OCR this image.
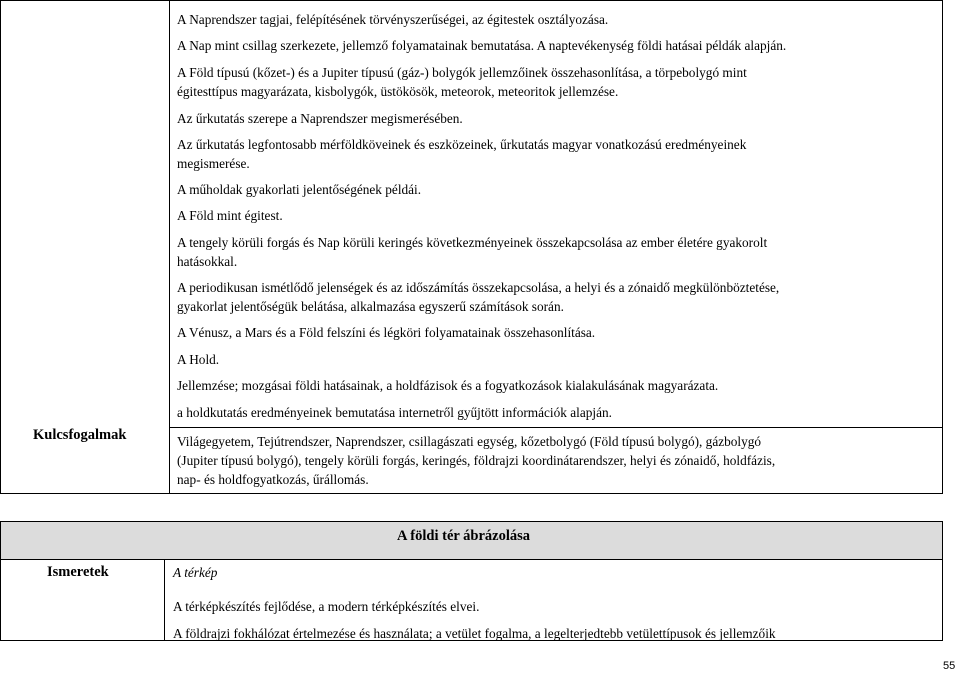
Kulcsfogalmak
A Naprendszer tagjai, felépítésének törvényszerűségei, az égitestek osztályozása.
A Nap mint csillag szerkezete, jellemző folyamatainak bemutatása. A naptevékenység földi hatásai példák alapján.
A Föld típusú (kőzet-) és a Jupiter típusú (gáz-) bolygók jellemzőinek összehasonlítása, a törpebolygó mint
égitesttípus magyarázata, kisbolygók, üstökösök, meteorok, meteoritok jellemzése.
Az űrkutatás szerepe a Naprendszer megismerésében.
Az űrkutatás legfontosabb mérföldköveinek és eszközeinek, űrkutatás magyar vonatkozású eredményeinek
megismerése.
A műholdak gyakorlati jelentőségének példái.
A Föld mint égitest.
A tengely körüli forgás és Nap körüli keringés következményeinek összekapcsolása az ember életére gyakorolt
hatásokkal.
A periodikusan ismétlődő jelenségek és az időszámítás összekapcsolása, a helyi és a zónaidő megkülönböztetése,
gyakorlat jelentőségük belátása, alkalmazása egyszerű számítások során.
A Vénusz, a Mars és a Föld felszíni és légköri folyamatainak összehasonlítása.
A Hold.
Jellemzése; mozgásai földi hatásainak, a holdfázisok és a fogyatkozások kialakulásának magyarázata.
a holdkutatás eredményeinek bemutatása internetről gyűjtött információk alapján.
Világegyetem, Tejútrendszer, Naprendszer, csillagászati egység, kőzetbolygó (Föld típusú bolygó), gázbolygó
(Jupiter típusú bolygó), tengely körüli forgás, keringés, földrajzi koordinátarendszer, helyi és zónaidő, holdfázis,
nap- és holdfogyatkozás, űrállomás.
A földi tér ábrázolása
Ismeretek	A térkép
A térképkészítés fejlődése, a modern térképkészítés elvei.
A földrajzi fokhálózat értelmezése és használata; a vetület fogalma, a legelterjedtebb vetülettípusok és jellemzőik
55
